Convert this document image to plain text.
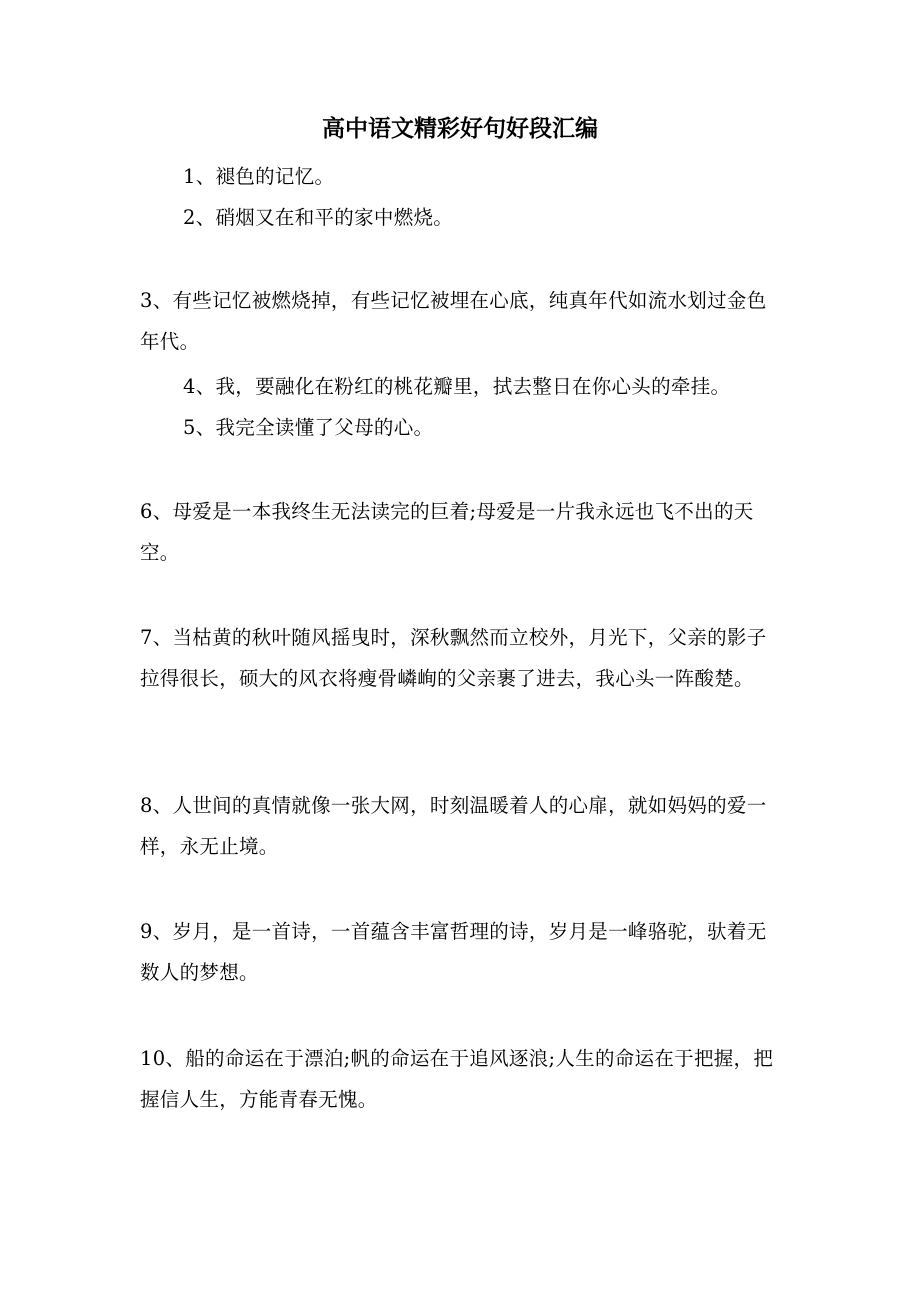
高中语文精彩好句好段汇编

1、褪色的记忆。

2、硝烟又在和平的家中燃烧。

3、有些记忆被燃烧掉，有些记忆被埋在心底，纯真年代如流水划过金色年代。

4、我，要融化在粉红的桃花瓣里，拭去整日在你心头的牵挂。

5、我完全读懂了父母的心。

6、母爱是一本我终生无法读完的巨着;母爱是一片我永远也飞不出的天空。

7、当枯黄的秋叶随风摇曳时，深秋飘然而立校外，月光下，父亲的影子拉得很长，硕大的风衣将瘦骨嶙峋的父亲裹了进去，我心头一阵酸楚。

8、人世间的真情就像一张大网，时刻温暖着人的心扉，就如妈妈的爱一样，永无止境。

9、岁月，是一首诗，一首蕴含丰富哲理的诗，岁月是一峰骆驼，驮着无数人的梦想。

10、船的命运在于漂泊;帆的命运在于追风逐浪;人生的命运在于把握，把握信人生，方能青春无愧。
